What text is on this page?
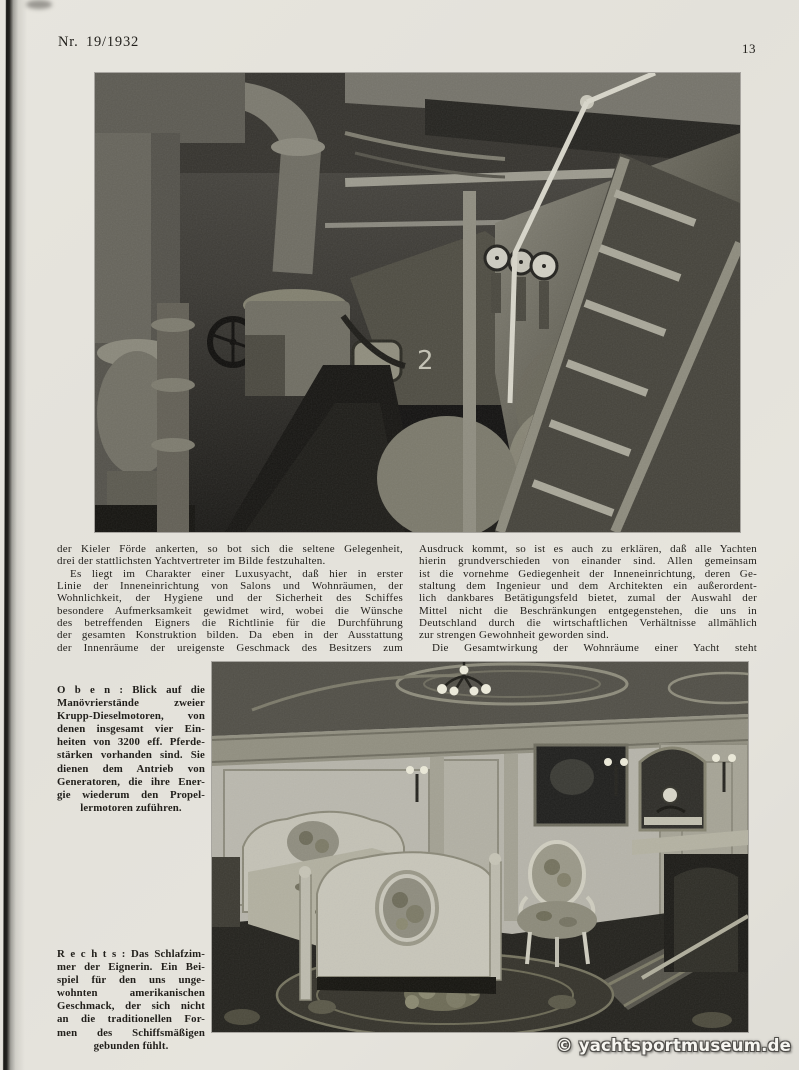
Nr. 19/1932	13
der Kieler Förde ankerten, so bot sich die seltene Gelegenheit,
drei der stattlichsten Yachtvertreter im Bilde festzuhalten.
Es liegt im Charakter einer Luxusyacht, daß hier in erster
Linie der Inneneinrichtung von Salons und Wohnräumen, der
Wohnlichkeit, der Hygiene und der Sicherheit des Schiffes
besondere Aufmerksamkeit gewidmet wird, wobei die Wünsche
des betreffenden Eigners die Richtlinie für die Durchführung
der gesamten Konstruktion bilden. Da eben in der Ausstattung
der Innenräume der ureigenste Geschmack des Besitzers zum
Ausdruck kommt, so ist es auch zu erklären, daß alle Yachten
hierin grundverschieden von einander sind. Allen gemeinsam
ist die vornehme Gediegenheit der Inneneinrichtung, deren Ge-
staltung dem Ingenieur und dem Architekten ein außerordent-
lich dankbares Betätigungsfeld bietet, zumal der Auswahl der
Mittel nicht die Beschränkungen entgegenstehen, die uns in
Deutschland durch die wirtschaftlichen Verhältnisse allmählich
zur strengen Gewohnheit geworden sind.
Die Gesamtwirkung der Wohnräume einer Yacht steht
O b e n : Blick auf die
Manövrierstände zweier
Krupp-Dieselmotoren, von
denen insgesamt vier Ein-
heiten von 3200 eff. Pferde-
stärken vorhanden sind. Sie
dienen dem Antrieb von
Generatoren, die ihre Ener-
gie wiederum den Propel-
lermotoren zuführen.
R e c h t s : Das Schlafzim-
mer der Eignerin. Ein Bei-
spiel für den uns unge-
wohnten amerikanischen
Geschmack, der sich nicht
an die traditionellen For-
men des Schiffsmäßigen
gebunden fühlt.	© yachtsportmuseum.de
